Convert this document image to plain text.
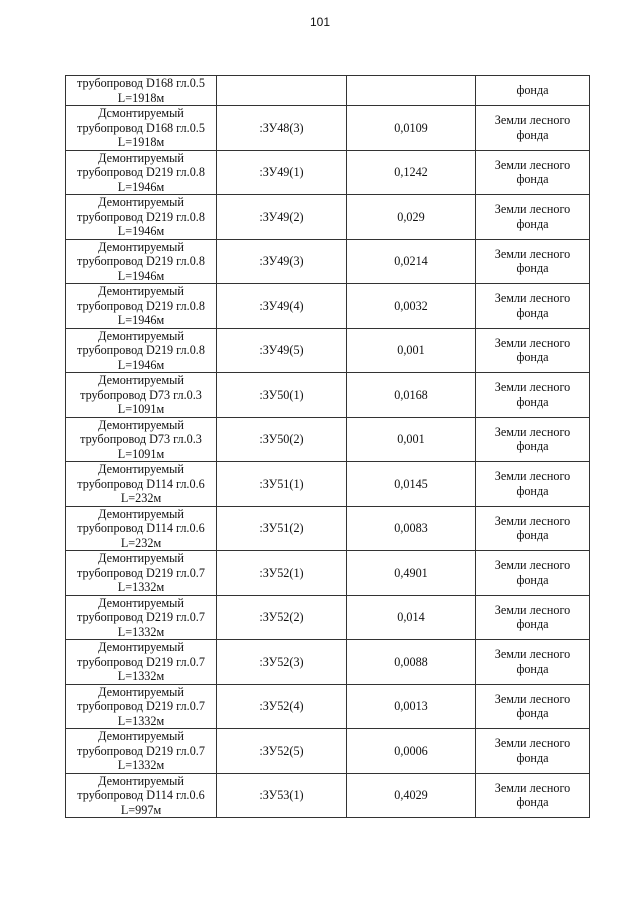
101
трубопровод D168 гл.0.5
L=1918м			фонда

Дсмонтируемый
трубопровод D168 гл.0.5
L=1918м	:ЗУ48(3)	0,0109	Земли лесного
фонда

Демонтируемый
трубопровод D219 гл.0.8
L=1946м	:ЗУ49(1)	0,1242	Земли лесного
фонда

Демонтируемый
трубопровод D219 гл.0.8
L=1946м	:ЗУ49(2)	0,029	Земли лесного
фонда

Демонтируемый
трубопровод D219 гл.0.8
L=1946м	:ЗУ49(3)	0,0214	Земли лесного
фонда

Демонтируемый
трубопровод D219 гл.0.8
L=1946м	:ЗУ49(4)	0,0032	Земли лесного
фонда

Демонтируемый
трубопровод D219 гл.0.8
L=1946м	:ЗУ49(5)	0,001	Земли лесного
фонда

Демонтируемый
трубопровод D73 гл.0.3
L=1091м	:ЗУ50(1)	0,0168	Земли лесного
фонда

Демонтируемый
трубопровод D73 гл.0.3
L=1091м	:ЗУ50(2)	0,001	Земли лесного
фонда

Демонтируемый
трубопровод D114 гл.0.6
L=232м	:ЗУ51(1)	0,0145	Земли лесного
фонда

Демонтируемый
трубопровод D114 гл.0.6
L=232м	:ЗУ51(2)	0,0083	Земли лесного
фонда

Демонтируемый
трубопровод D219 гл.0.7
L=1332м	:ЗУ52(1)	0,4901	Земли лесного
фонда

Демонтируемый
трубопровод D219 гл.0.7
L=1332м	:ЗУ52(2)	0,014	Земли лесного
фонда

Демонтируемый
трубопровод D219 гл.0.7
L=1332м	:ЗУ52(3)	0,0088	Земли лесного
фонда

Демонтируемый
трубопровод D219 гл.0.7
L=1332м	:ЗУ52(4)	0,0013	Земли лесного
фонда

Демонтируемый
трубопровод D219 гл.0.7
L=1332м	:ЗУ52(5)	0,0006	Земли лесного
фонда

Демонтируемый
трубопровод D114 гл.0.6
L=997м	:ЗУ53(1)	0,4029	Земли лесного
фонда
